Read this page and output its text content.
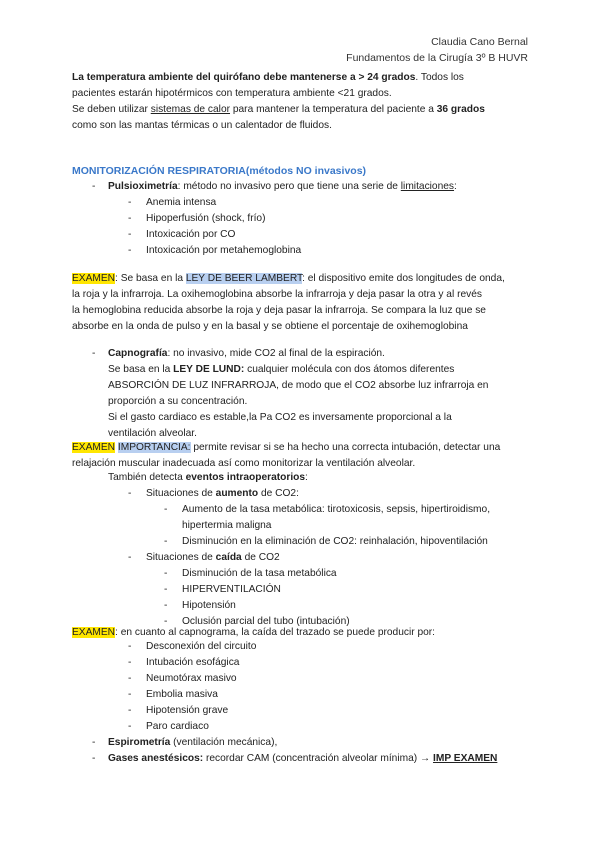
Claudia Cano Bernal
Fundamentos de la Cirugía 3º B HUVR
La temperatura ambiente del quirófano debe mantenerse a > 24 grados. Todos los
pacientes estarán hipotérmicos con temperatura ambiente <21 grados.
Se deben utilizar sistemas de calor para mantener la temperatura del paciente a 36 grados
como son las mantas térmicas o un calentador de fluidos.
MONITORIZACIÓN RESPIRATORIA(métodos NO invasivos)
- Pulsioximetría: método no invasivo pero que tiene una serie de limitaciones:
- Anemia intensa
- Hipoperfusión (shock, frío)
- Intoxicación por CO
- Intoxicación por metahemoglobina
EXAMEN: Se basa en la LEY DE BEER LAMBERT: el dispositivo emite dos longitudes de onda,
la roja y la infrarroja. La oxihemoglobina absorbe la infrarroja y deja pasar la otra y al revés
la hemoglobina reducida absorbe la roja y deja pasar la infrarroja. Se compara la luz que se
absorbe en la onda de pulso y en la basal y se obtiene el porcentaje de oxihemoglobina
- Capnografía: no invasivo, mide CO2 al final de la espiración.
Se basa en la LEY DE LUND: cualquier molécula con dos átomos diferentes
ABSORCIÓN DE LUZ INFRARROJA, de modo que el CO2 absorbe luz infrarroja en
proporción a su concentración.
Si el gasto cardiaco es estable,la Pa CO2 es inversamente proporcional a la
ventilación alveolar.
EXAMEN IMPORTANCIA: permite revisar si se ha hecho una correcta intubación, detectar una
relajación muscular inadecuada así como monitorizar la ventilación alveolar.
También detecta eventos intraoperatorios:
- Situaciones de aumento de CO2:
- Aumento de la tasa metabólica: tirotoxicosis, sepsis, hipertiroidismo,
hipertermia maligna
- Disminución en la eliminación de CO2: reinhalación, hipoventilación
- Situaciones de caída de CO2
- Disminución de la tasa metabólica
- HIPERVENTILACIÓN
- Hipotensión
- Oclusión parcial del tubo (intubación)
EXAMEN: en cuanto al capnograma, la caída del trazado se puede producir por:
- Desconexión del circuito
- Intubación esofágica
- Neumotórax masivo
- Embolia masiva
- Hipotensión grave
- Paro cardiaco
- Espirometría (ventilación mecánica),
- Gases anestésicos: recordar CAM (concentración alveolar mínima) → IMP EXAMEN
